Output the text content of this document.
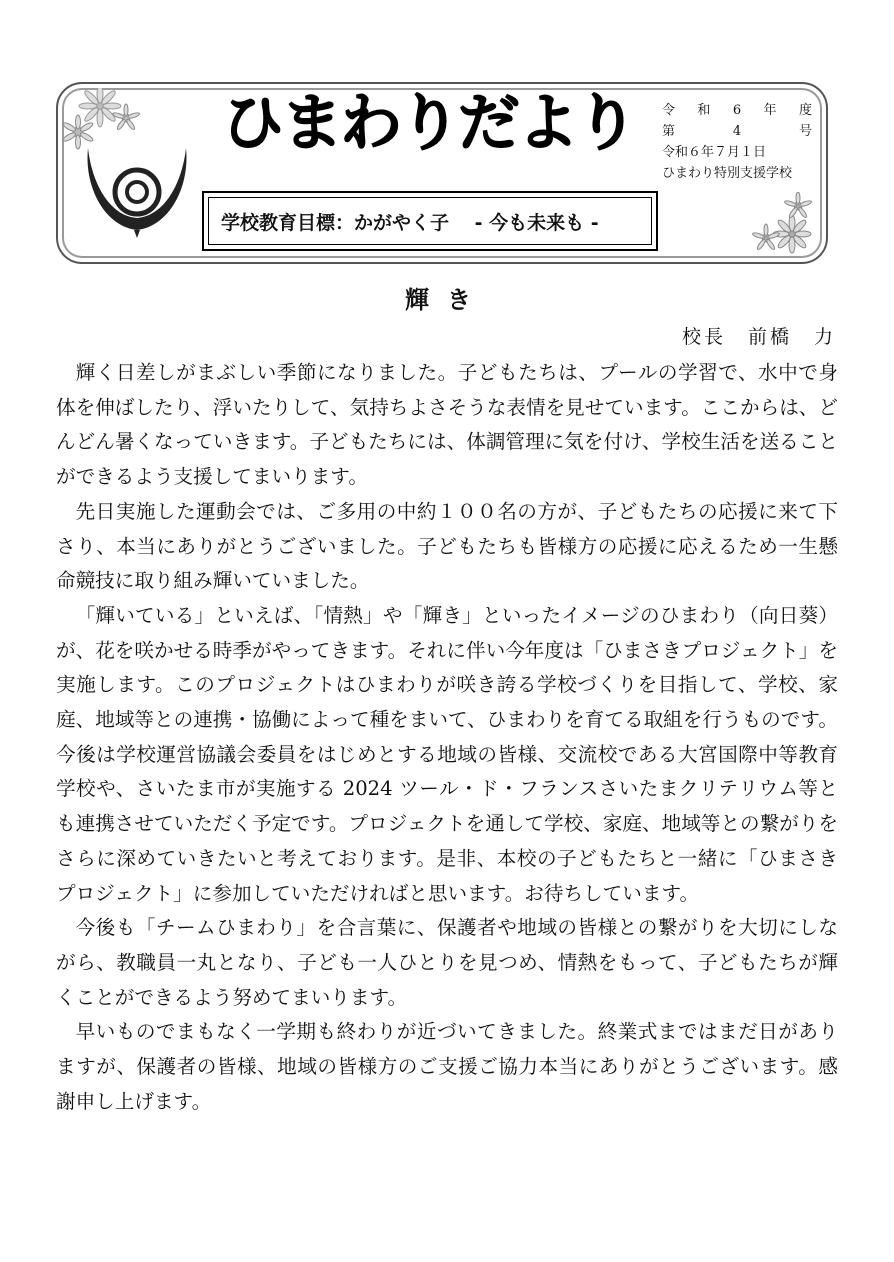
ひまわりだより 令 和 6 年 度
第	4	号
令和６年７月１日
ひまわり特別支援学校
学校教育目標：かがやく子　 - 今も未来も -
輝き
校長　前橋　力

輝く日差しがまぶしい季節になりました。子どもたちは、プールの学習で、水中で身体を伸ばしたり、浮いたりして、気持ちよさそうな表情を見せています。ここからは、どんどん暑くなっていきます。子どもたちには、体調管理に気を付け、学校生活を送ることができるよう支援してまいります。

先日実施した運動会では、ご多用の中約１００名の方が、子どもたちの応援に来て下さり、本当にありがとうございました。子どもたちも皆様方の応援に応えるため一生懸命競技に取り組み輝いていました。

「輝いている」といえば、「情熱」や「輝き」といったイメージのひまわり（向日葵）が、花を咲かせる時季がやってきます。それに伴い今年度は「ひまさきプロジェクト」を実施します。このプロジェクトはひまわりが咲き誇る学校づくりを目指して、学校、家庭、地域等との連携・協働によって種をまいて、ひまわりを育てる取組を行うものです。今後は学校運営協議会委員をはじめとする地域の皆様、交流校である大宮国際中等教育学校や、さいたま市が実施する 2024 ツール・ド・フランスさいたまクリテリウム等とも連携させていただく予定です。プロジェクトを通して学校、家庭、地域等との繋がりをさらに深めていきたいと考えております。是非、本校の子どもたちと一緒に「ひまさきプロジェクト」に参加していただければと思います。お待ちしています。

今後も「チームひまわり」を合言葉に、保護者や地域の皆様との繋がりを大切にしながら、教職員一丸となり、子ども一人ひとりを見つめ、情熱をもって、子どもたちが輝くことができるよう努めてまいります。

早いものでまもなく一学期も終わりが近づいてきました。終業式まではまだ日がありますが、保護者の皆様、地域の皆様方のご支援ご協力本当にありがとうございます。感謝申し上げます。
